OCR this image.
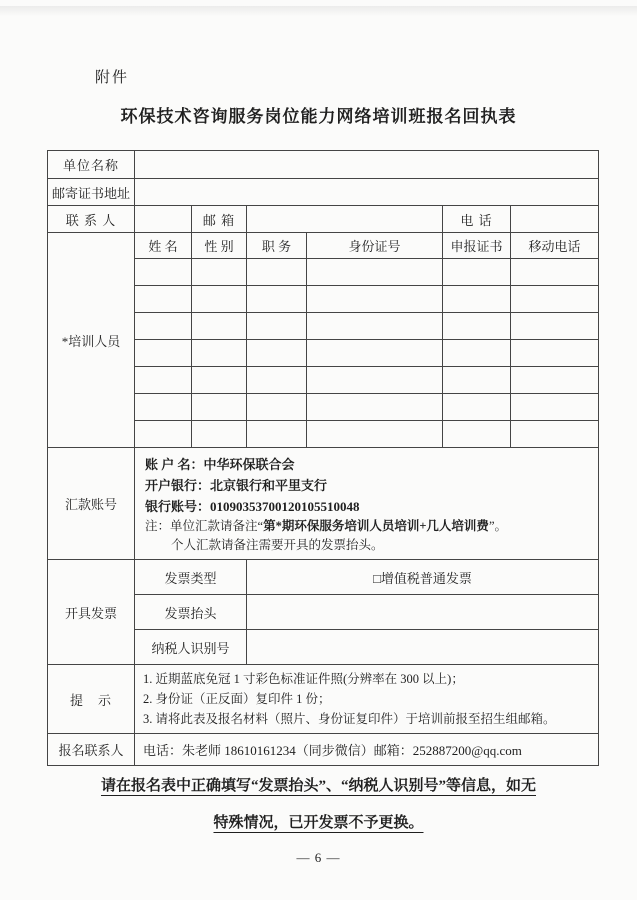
附件
环保技术咨询服务岗位能力网络培训班报名回执表
单位名称						
邮寄证书地址						
联 系 人		邮 箱			电 话	
*培训人员	姓 名	性 别	职 务	身份证号	申报证书	移动电话

汇款账号	账 户 名：中华环保联合会
开户银行：北京银行和平里支行
银行账号：01090353700120105510048
注：单位汇款请备注“第*期环保服务培训人员培训+几人培训费”。
个人汇款请备注需要开具的发票抬头。					

开具发票	发票类型		□增值税普通发票			
	发票抬头					
	纳税人识别号					
提　示	1. 近期蓝底免冠 1 寸彩色标准证件照(分辨率在 300 以上)；
2. 身份证（正反面）复印件 1 份；
3. 请将此表及报名材料（照片、身份证复印件）于培训前报至招生组邮箱。					

报名联系人	电话：朱老师 18610161234（同步微信）邮箱：252887200@qq.com					
请在报名表中正确填写“发票抬头”、“纳税人识别号”等信息，如无
特殊情况，已开发票不予更换。
— 6 —
